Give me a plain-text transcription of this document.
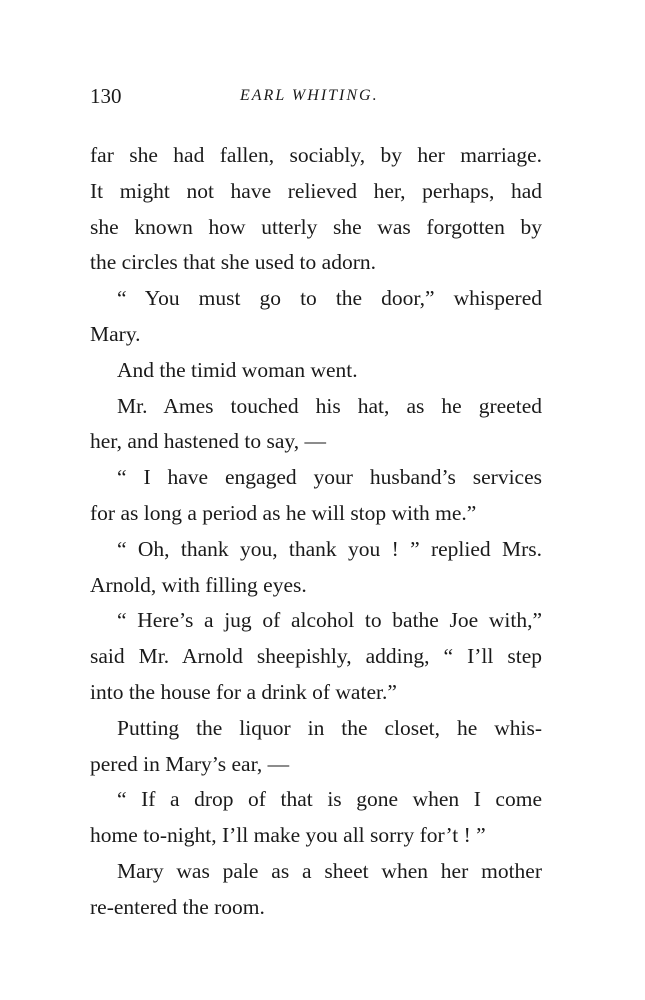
130	EARL WHITING.
far she had fallen, sociably, by her marriage.
It might not have relieved her, perhaps, had
she known how utterly she was forgotten by
the circles that she used to adorn.
“ You must go to the door,” whispered
Mary.
And the timid woman went.
Mr. Ames touched his hat, as he greeted
her, and hastened to say, —
“ I have engaged your husband’s services
for as long a period as he will stop with me.”
“ Oh, thank you, thank you ! ” replied Mrs.
Arnold, with filling eyes.
“ Here’s a jug of alcohol to bathe Joe with,”
said Mr. Arnold sheepishly, adding, “ I’ll step
into the house for a drink of water.”
Putting the liquor in the closet, he whis-
pered in Mary’s ear, —
“ If a drop of that is gone when I come
home to-night, I’ll make you all sorry for’t ! ”
Mary was pale as a sheet when her mother
re-entered the room.
